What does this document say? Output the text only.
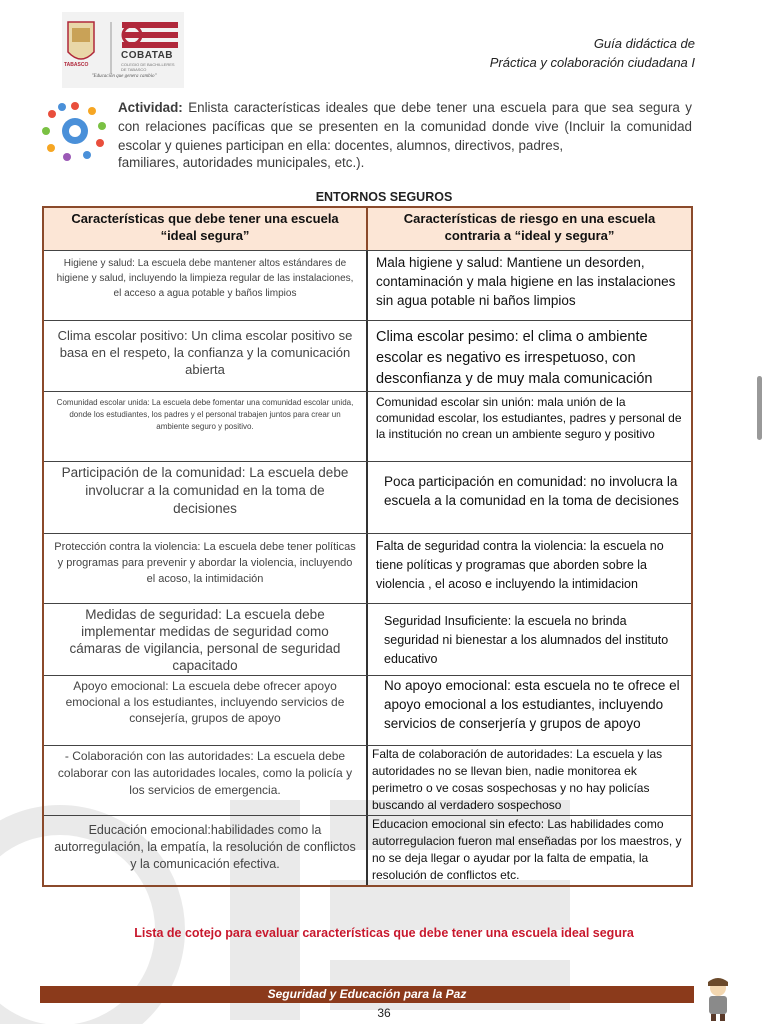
TABASCO
COBATAB
COLEGIO DE BACHILLERES DE TABASCO
"Educación que genera cambio"
Guía didáctica de
Práctica y colaboración ciudadana I
Actividad: Enlista características ideales que debe tener una escuela para que sea segura y con relaciones pacíficas que se presenten en la comunidad donde vive (Incluir la comunidad escolar y quienes participan en ella: docentes, alumnos, directivos, padres,
familiares, autoridades municipales, etc.).
ENTORNOS SEGUROS
Características que debe tener una escuela “ideal segura”
Características de riesgo en una escuela contraria a “ideal y segura”
Higiene y salud: La escuela debe mantener altos estándares de higiene y salud, incluyendo la limpieza regular de las instalaciones, el acceso a agua potable y baños limpios
Mala higiene y salud: Mantiene un desorden, contaminación y mala higiene en las instalaciones sin agua potable ni baños limpios
Clima escolar positivo: Un clima escolar positivo se basa en el respeto, la confianza y la comunicación abierta
Clima escolar pesimo: el clima o ambiente escolar es negativo es irrespetuoso, con desconfianza y de muy mala comunicación
Comunidad escolar unida: La escuela debe fomentar una comunidad escolar unida, donde los estudiantes, los padres y el personal trabajen juntos para crear un ambiente seguro y positivo.
Comunidad escolar sin unión: mala unión de la comunidad escolar, los estudiantes, padres y personal de la institución no crean un ambiente seguro y positivo
Participación de la comunidad: La escuela debe involucrar a la comunidad en la toma de decisiones
Poca participación en comunidad: no involucra la escuela a la comunidad en la toma de decisiones
Protección contra la violencia: La escuela debe tener políticas y programas para prevenir y abordar la violencia, incluyendo el acoso, la intimidación
Falta de seguridad contra la violencia: la escuela no tiene políticas y programas que aborden sobre la violencia , el acoso e incluyendo la intimidacion
Medidas de seguridad: La escuela debe implementar medidas de seguridad como cámaras de vigilancia, personal de seguridad capacitado
Seguridad Insuficiente: la escuela no brinda seguridad ni bienestar a los alumnados del instituto educativo
Apoyo emocional: La escuela debe ofrecer apoyo emocional a los estudiantes, incluyendo servicios de consejería, grupos de apoyo
No apoyo emocional: esta escuela no te ofrece el apoyo emocional a los estudiantes, incluyendo servicios de conserjería y grupos de apoyo
- Colaboración con las autoridades: La escuela debe colaborar con las autoridades locales, como la policía y los servicios de emergencia.
Falta de colaboración de autoridades: La escuela y las autoridades no se llevan bien, nadie monitorea ek perimetro o ve cosas sospechosas y no hay policías buscando al verdadero sospechoso
Educación emocional:habilidades como la autorregulación, la empatía, la resolución de conflictos y la comunicación efectiva.
Educacion emocional sin efecto: Las habilidades como autorregulacion fueron mal enseñadas por los maestros, y no se deja llegar o ayudar por la falta de empatia, la resolución de conflictos etc.
Lista de cotejo para evaluar características que debe tener una escuela ideal segura
Seguridad y Educación para la Paz
36
